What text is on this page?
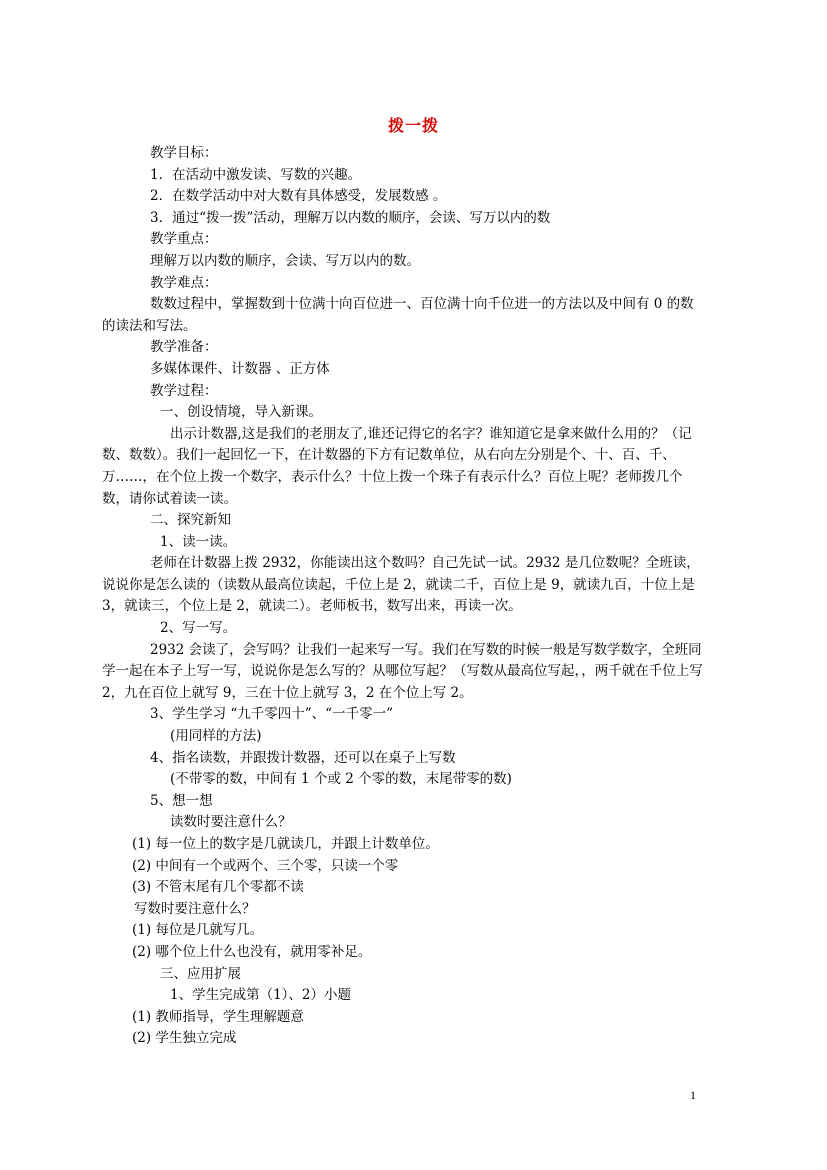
拨一拨
教学目标：
1．在活动中激发读、写数的兴趣。
2．在数学活动中对大数有具体感受，发展数感 。
3．通过“拨一拨”活动，理解万以内数的顺序，会读、写万以内的数
教学重点：
理解万以内数的顺序，会读、写万以内的数。
教学难点：
数数过程中，掌握数到十位满十向百位进一、百位满十向千位进一的方法以及中间有 0 的数的读法和写法。
教学准备：
多媒体课件、计数器 、正方体
教学过程：
一、创设情境，导入新课。
出示计数器,这是我们的老朋友了,谁还记得它的名字？谁知道它是拿来做什么用的？（记数、数数）。我们一起回忆一下，在计数器的下方有记数单位，从右向左分别是个、十、百、千、万……，在个位上拨一个数字，表示什么？十位上拨一个珠子有表示什么？百位上呢？老师拨几个数，请你试着读一读。
二、探究新知
1、读一读。
老师在计数器上拨 2932，你能读出这个数吗？自己先试一试。2932 是几位数呢？全班读，说说你是怎么读的（读数从最高位读起，千位上是 2，就读二千，百位上是 9，就读九百，十位上是 3，就读三，个位上是 2，就读二）。老师板书，数写出来，再读一次。
2、写一写。
2932 会读了，会写吗？让我们一起来写一写。我们在写数的时候一般是写数学数字，全班同学一起在本子上写一写，说说你是怎么写的？从哪位写起？（写数从最高位写起，，两千就在千位上写 2，九在百位上就写 9，三在十位上就写 3，2 在个位上写 2。
3、学生学习 “九千零四十”、“一千零一”
(用同样的方法)
4、指名读数，并跟拨计数器，还可以在桌子上写数
(不带零的数，中间有 1 个或 2 个零的数，末尾带零的数)
5、想一想
读数时要注意什么？
(1) 每一位上的数字是几就读几，并跟上计数单位。
(2) 中间有一个或两个、三个零，只读一个零
(3) 不管末尾有几个零都不读
写数时要注意什么？
(1) 每位是几就写几。
(2) 哪个位上什么也没有，就用零补足。
三、应用扩展
1、学生完成第（1）、2）小题
(1) 教师指导，学生理解题意
(2) 学生独立完成
1
